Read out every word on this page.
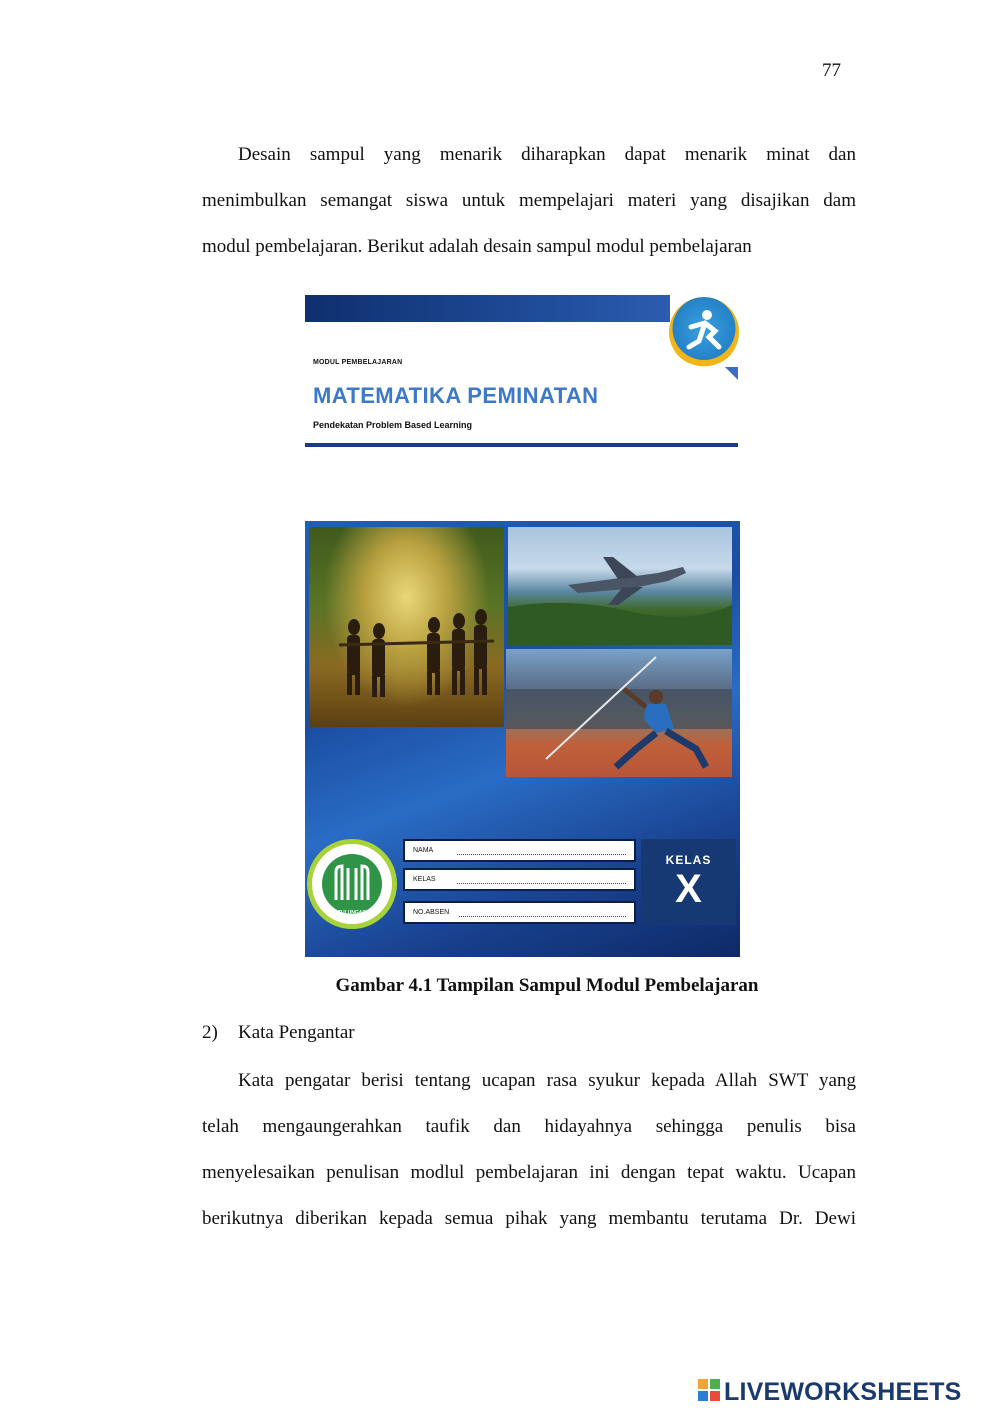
77

Desain sampul yang menarik diharapkan dapat menarik minat dan

menimbulkan semangat siswa untuk mempelajari materi yang disajikan dam

modul pembelajaran. Berikut adalah desain sampul modul pembelajaran

MODUL PEMBELAJARAN
MATEMATIKA PEMINATAN
Pendekatan Problem Based Learning
IAIN TULUNGAGUNG
NAMA
KELAS
NO.ABSEN
KELAS
X
Gambar 4.1 Tampilan Sampul Modul Pembelajaran
2) Kata Pengantar

Kata pengatar berisi tentang ucapan rasa syukur kepada Allah SWT yang

telah mengaungerahkan taufik dan hidayahnya sehingga penulis bisa

menyelesaikan penulisan modlul pembelajaran ini dengan tepat waktu. Ucapan

berikutnya diberikan kepada semua pihak yang membantu terutama Dr. Dewi

LIVEWORKSHEETS
